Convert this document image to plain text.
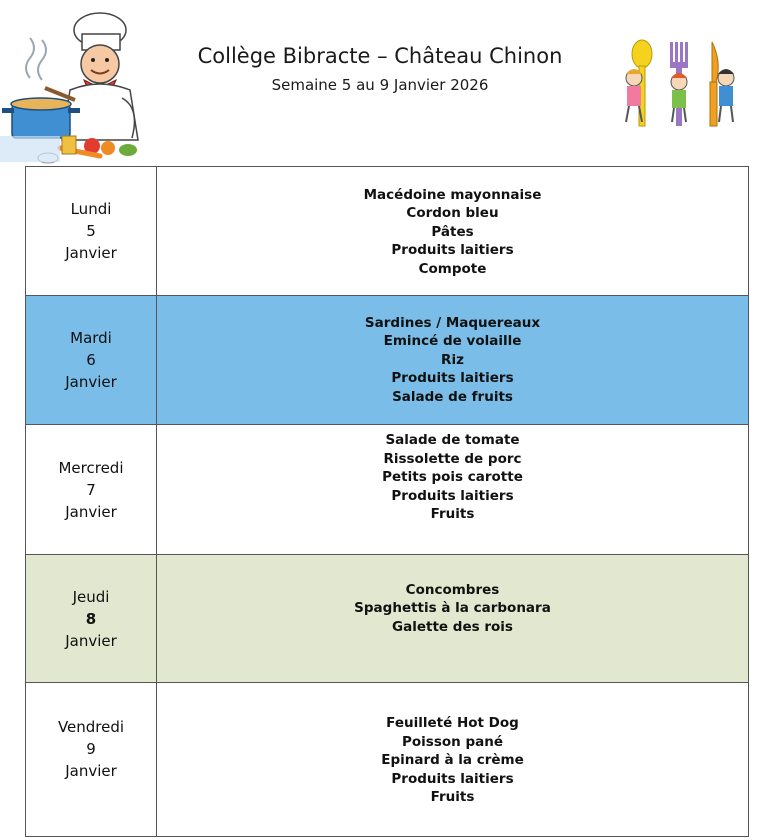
Collège Bibracte – Château Chinon
Semaine 5 au 9 Janvier 2026
Lundi
5
Janvier
Macédoine mayonnaise
Cordon bleu
Pâtes
Produits laitiers
Compote
Mardi
6
Janvier
Sardines / Maquereaux
Emincé de volaille
Riz
Produits laitiers
Salade de fruits
Mercredi
7
Janvier
Salade de tomate
Rissolette de porc
Petits pois carotte
Produits laitiers
Fruits
Jeudi
8
Janvier
Concombres
Spaghettis à la carbonara
Galette des rois
Vendredi
9
Janvier
Feuilleté Hot Dog
Poisson pané
Epinard à la crème
Produits laitiers
Fruits
